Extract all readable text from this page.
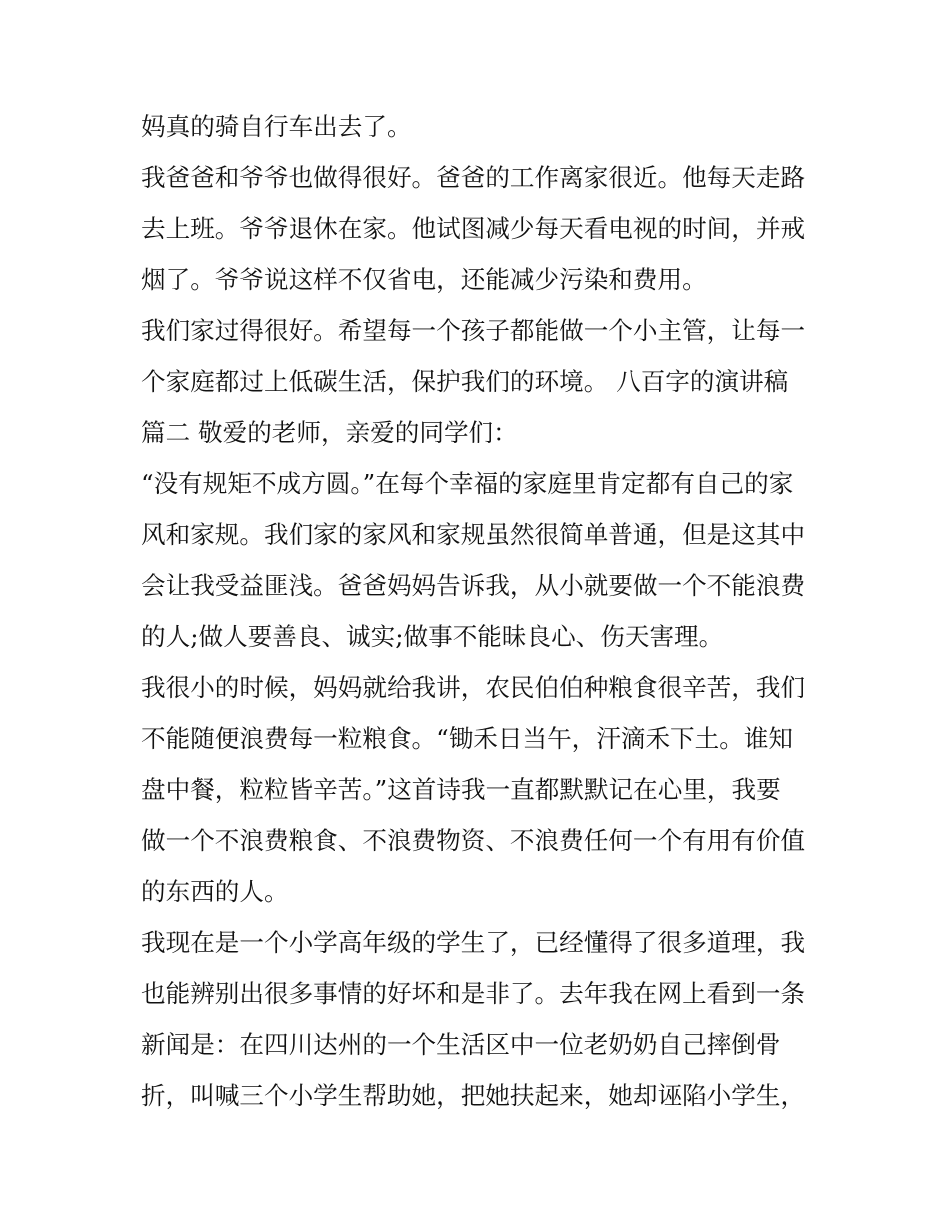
妈真的骑自行车出去了。
我爸爸和爷爷也做得很好。爸爸的工作离家很近。他每天走路
去上班。爷爷退休在家。他试图减少每天看电视的时间，并戒
烟了。爷爷说这样不仅省电，还能减少污染和费用。
我们家过得很好。希望每一个孩子都能做一个小主管，让每一
个家庭都过上低碳生活，保护我们的环境。 八百字的演讲稿
篇二 敬爱的老师，亲爱的同学们：
“没有规矩不成方圆。”在每个幸福的家庭里肯定都有自己的家
风和家规。我们家的家风和家规虽然很简单普通，但是这其中
会让我受益匪浅。爸爸妈妈告诉我，从小就要做一个不能浪费
的人;做人要善良、诚实;做事不能昧良心、伤天害理。
我很小的时候，妈妈就给我讲，农民伯伯种粮食很辛苦，我们
不能随便浪费每一粒粮食。“锄禾日当午，汗滴禾下土。谁知
盘中餐，粒粒皆辛苦。”这首诗我一直都默默记在心里，我要
做一个不浪费粮食、不浪费物资、不浪费任何一个有用有价值
的东西的人。
我现在是一个小学高年级的学生了，已经懂得了很多道理，我
也能辨别出很多事情的好坏和是非了。去年我在网上看到一条
新闻是：在四川达州的一个生活区中一位老奶奶自己摔倒骨
折，叫喊三个小学生帮助她，把她扶起来，她却诬陷小学生，
